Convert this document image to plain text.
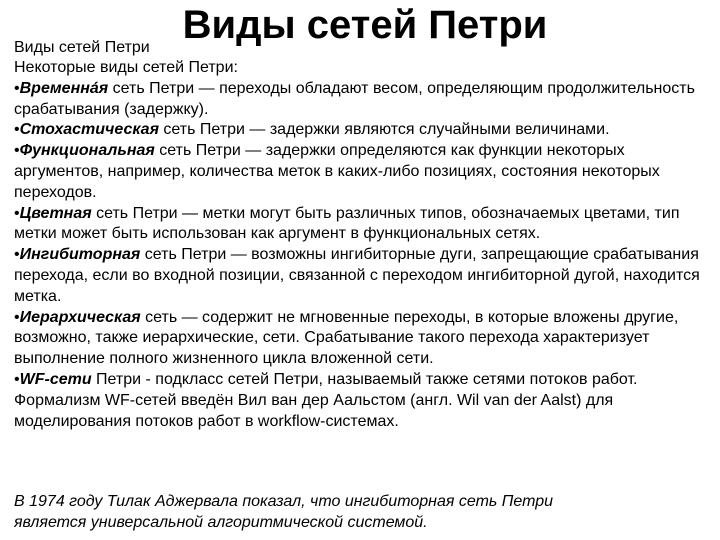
Виды сетей Петри
Виды сетей Петри

Некоторые виды сетей Петри:

•Временна́я сеть Петри — переходы обладают весом, определяющим продолжительность срабатывания (задержку).

•Стохастическая сеть Петри — задержки являются случайными величинами.

•Функциональная сеть Петри — задержки определяются как функции некоторых аргументов, например, количества меток в каких-либо позициях, состояния некоторых переходов.

•Цветная сеть Петри — метки могут быть различных типов, обозначаемых цветами, тип метки может быть использован как аргумент в функциональных сетях.

•Ингибиторная сеть Петри — возможны ингибиторные дуги, запрещающие срабатывания перехода, если во входной позиции, связанной с переходом ингибиторной дугой, находится метка.

•Иерархическая сеть — содержит не мгновенные переходы, в которые вложены другие, возможно, также иерархические, сети. Срабатывание такого перехода характеризует выполнение полного жизненного цикла вложенной сети.

•WF-сети Петри - подкласс сетей Петри, называемый также сетями потоков работ. Формализм WF-сетей введён Вил ван дер Аальстом (англ. Wil van der Aalst) для моделирования потоков работ в workflow-системах.

В 1974 году Тилак Аджервала показал, что ингибиторная сеть Петри
является универсальной алгоритмической системой.
